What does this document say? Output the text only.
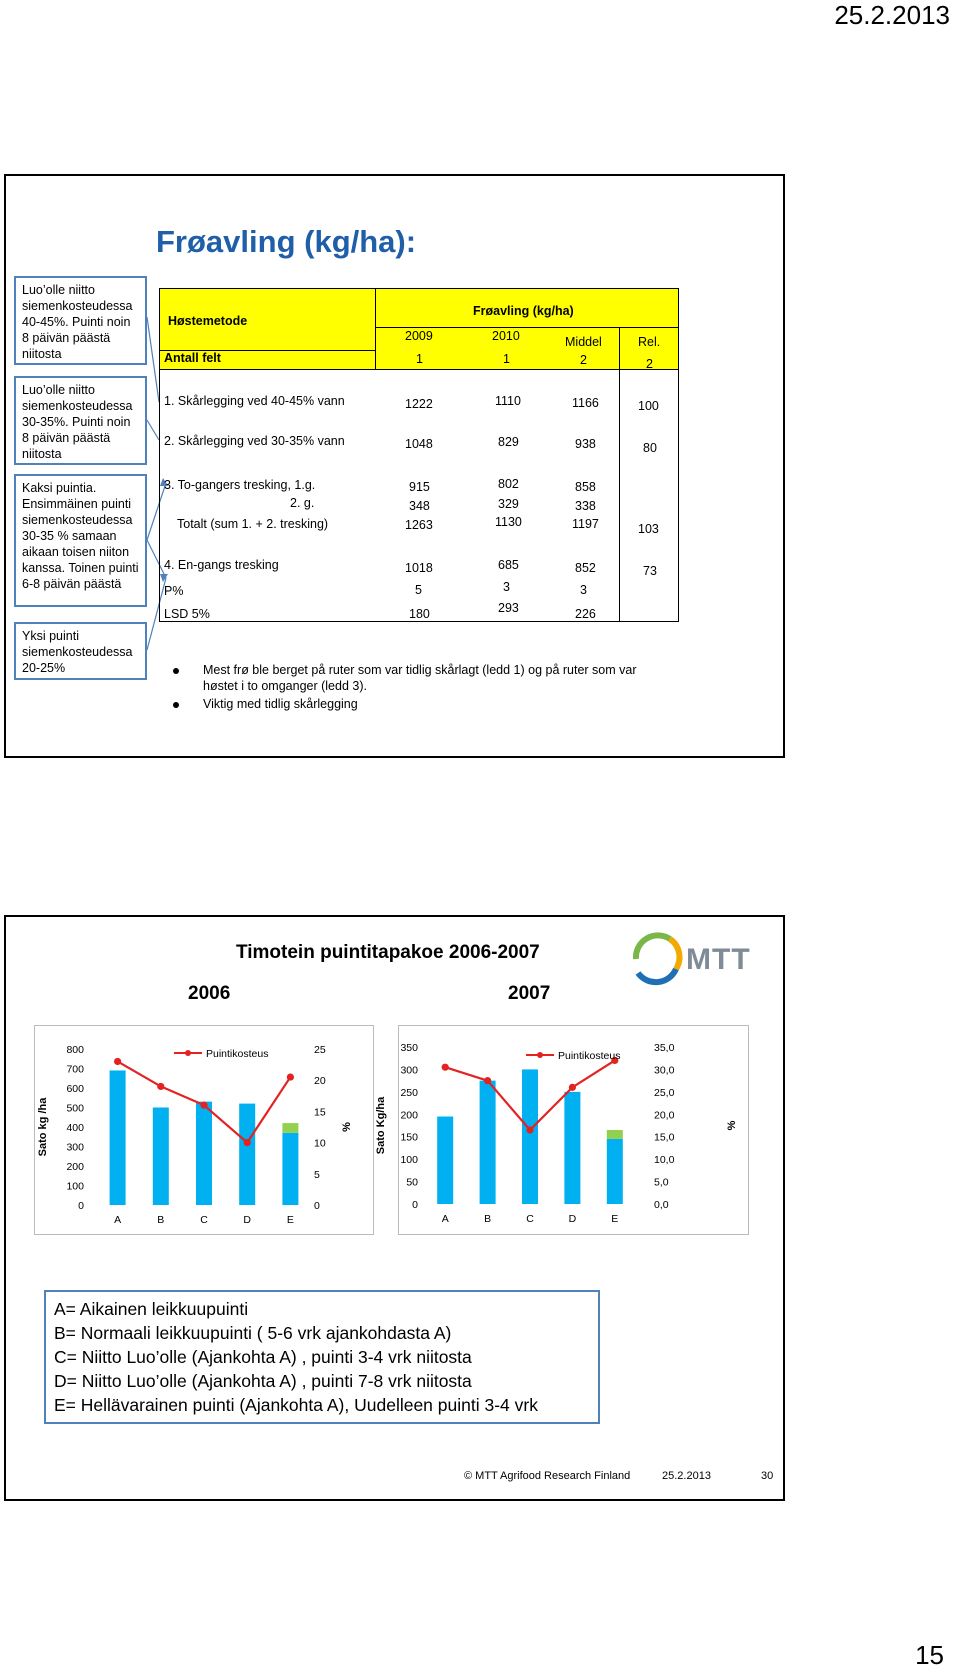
25.2.2013
Frøavling (kg/ha):
Luo’olle niitto siemenkosteudessa 40-45%. Puinti noin 8 päivän päästä niitosta
Luo’olle niitto siemenkosteudessa 30-35%. Puinti noin 8 päivän päästä niitosta
Kaksi puintia. Ensimmäinen puinti siemenkosteudessa 30-35 % samaan aikaan toisen niiton kanssa. Toinen puinti 6-8 päivän päästä
Yksi puinti siemenkosteudessa 20-25%
Høstemetode
Frøavling (kg/ha)
2009	2010	Middel	Rel.
Antall felt	1	1	2	2
1. Skårlegging ved 40-45% vann	1222	1110	1166	100
2. Skårlegging ved 30-35% vann	1048	829	938	80
3. To-gangers tresking, 1.g.	915	802	858
2. g.	348	329	338
Totalt (sum 1. + 2. tresking)	1263	1130	1197	103
4. En-gangs tresking	1018	685	852	73
P%	5	3	3
LSD 5%	180	293	226
Mest frø ble berget på ruter som var tidlig skårlagt (ledd 1) og på ruter som var høstet i to omganger (ledd 3).
Viktig med tidlig skårlegging
Timotein puintitapakoe 2006-2007	MTT
2006	2007
0
100
200
300
400
500
600
700
800
0
5
10
15
20
25
Sato kg /ha	%
A	B	C	D	E
Puintikosteus
0
50
100
150
200
250
300
350
0,0
5,0
10,0
15,0
20,0
25,0
30,0
35,0
Sato Kg/ha	%
A	B	C	D	E
Puintikosteus
A= Aikainen leikkuupuinti
B= Normaali leikkuupuinti ( 5-6 vrk ajankohdasta A)
C= Niitto Luo’olle (Ajankohta A) , puinti 3-4 vrk niitosta
D= Niitto Luo’olle (Ajankohta A) , puinti 7-8 vrk niitosta
E= Hellävarainen puinti (Ajankohta A), Uudelleen puinti 3-4 vrk
© MTT Agrifood Research Finland	25.2.2013	30
15
